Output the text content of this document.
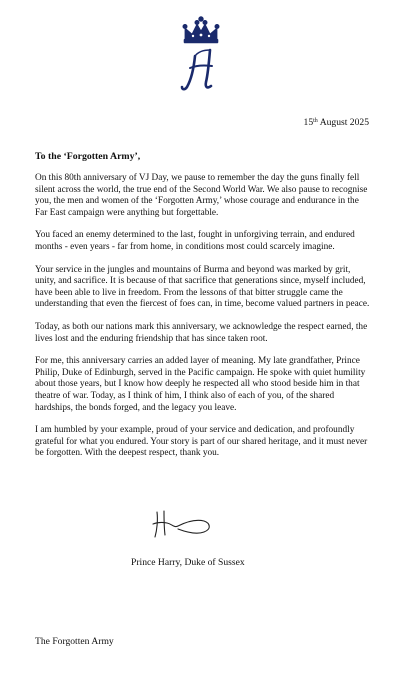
15th August 2025
To the ‘Forgotten Army’,

On this 80th anniversary of VJ Day, we pause to remember the day the guns finally fell silent across the world, the true end of the Second World War. We also pause to recognise you, the men and women of the ‘Forgotten Army,’ whose courage and endurance in the Far East campaign were anything but forgettable.

You faced an enemy determined to the last, fought in unforgiving terrain, and endured months - even years - far from home, in conditions most could scarcely imagine.

Your service in the jungles and mountains of Burma and beyond was marked by grit, unity, and sacrifice. It is because of that sacrifice that generations since, myself included, have been able to live in freedom. From the lessons of that bitter struggle came the understanding that even the fiercest of foes can, in time, become valued partners in peace.

Today, as both our nations mark this anniversary, we acknowledge the respect earned, the lives lost and the enduring friendship that has since taken root.

For me, this anniversary carries an added layer of meaning. My late grandfather, Prince Philip, Duke of Edinburgh, served in the Pacific campaign. He spoke with quiet humility about those years, but I know how deeply he respected all who stood beside him in that theatre of war. Today, as I think of him, I think also of each of you, of the shared hardships, the bonds forged, and the legacy you leave.

I am humbled by your example, proud of your service and dedication, and profoundly grateful for what you endured. Your story is part of our shared heritage, and it must never be forgotten. With the deepest respect, thank you.

Prince Harry, Duke of Sussex
The Forgotten Army
